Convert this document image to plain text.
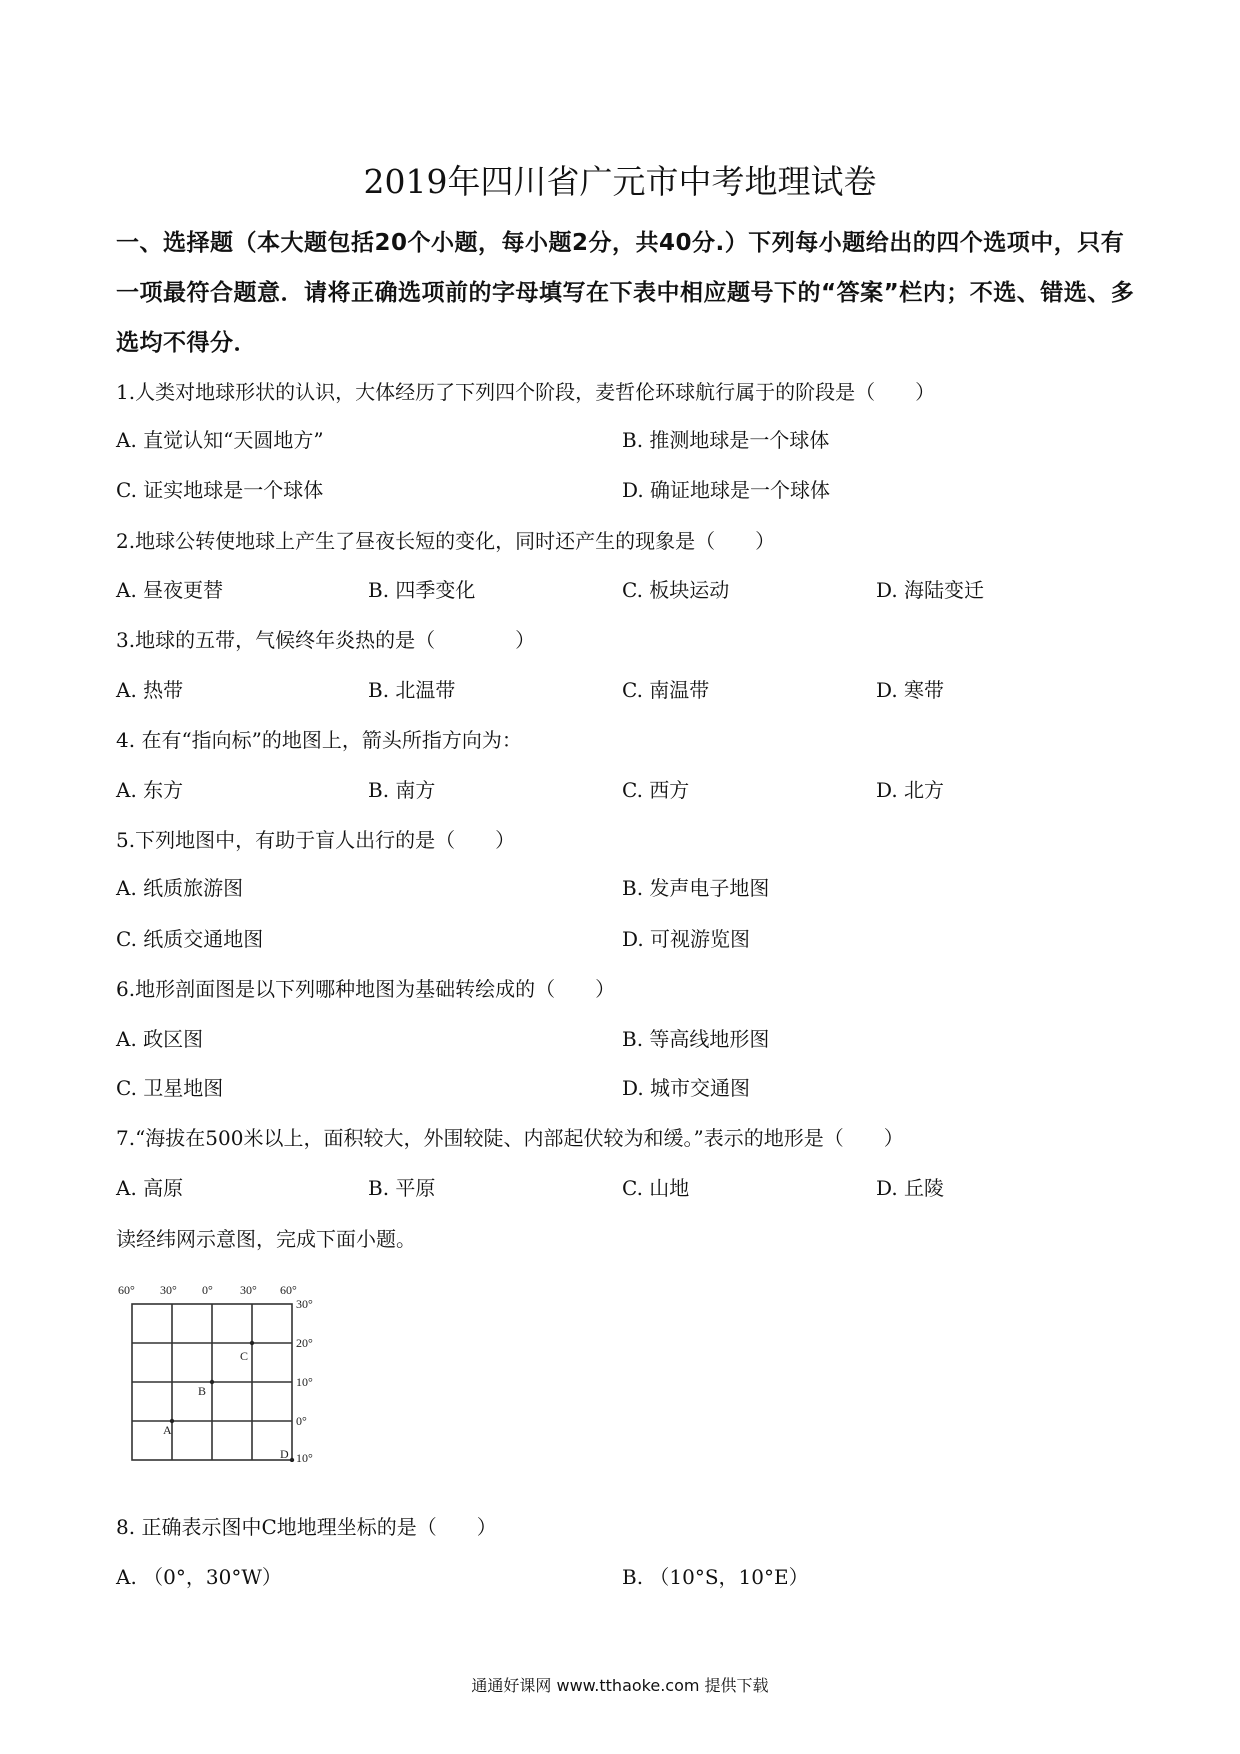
2019年四川省广元市中考地理试卷
一、选择题（本大题包括20个小题，每小题2分，共40分.）下列每小题给出的四个选项中，只有一项最符合题意．请将正确选项前的字母填写在下表中相应题号下的“答案”栏内；不选、错选、多选均不得分．
1.人类对地球形状的认识，大体经历了下列四个阶段，麦哲伦环球航行属于的阶段是（　　）
A. 直觉认知“天圆地方”	B. 推测地球是一个球体
C. 证实地球是一个球体	D. 确证地球是一个球体
2.地球公转使地球上产生了昼夜长短的变化，同时还产生的现象是（　　）
A. 昼夜更替	B. 四季变化	C. 板块运动	D. 海陆变迁
3.地球的五带，气候终年炎热的是（　　　　）
A. 热带	B. 北温带	C. 南温带	D. 寒带
4. 在有“指向标”的地图上，箭头所指方向为：
A. 东方	B. 南方	C. 西方	D. 北方
5.下列地图中，有助于盲人出行的是（　　）
A. 纸质旅游图	B. 发声电子地图
C. 纸质交通地图	D. 可视游览图
6.地形剖面图是以下列哪种地图为基础转绘成的（　　）
A. 政区图	B. 等高线地形图
C. 卫星地图	D. 城市交通图
7.“海拔在500米以上，面积较大，外围较陡、内部起伏较为和缓。”表示的地形是（　　）
A. 高原	B. 平原	C. 山地	D. 丘陵
读经纬网示意图，完成下面小题。
60° 30° 0° 30° 60°
30°
20°
10°
0°
10°
C
B
A
D
8. 正确表示图中C地地理坐标的是（　　）
A. （0°，30°W）	B. （10°S，10°E）
通通好课网 www.tthaoke.com 提供下载
